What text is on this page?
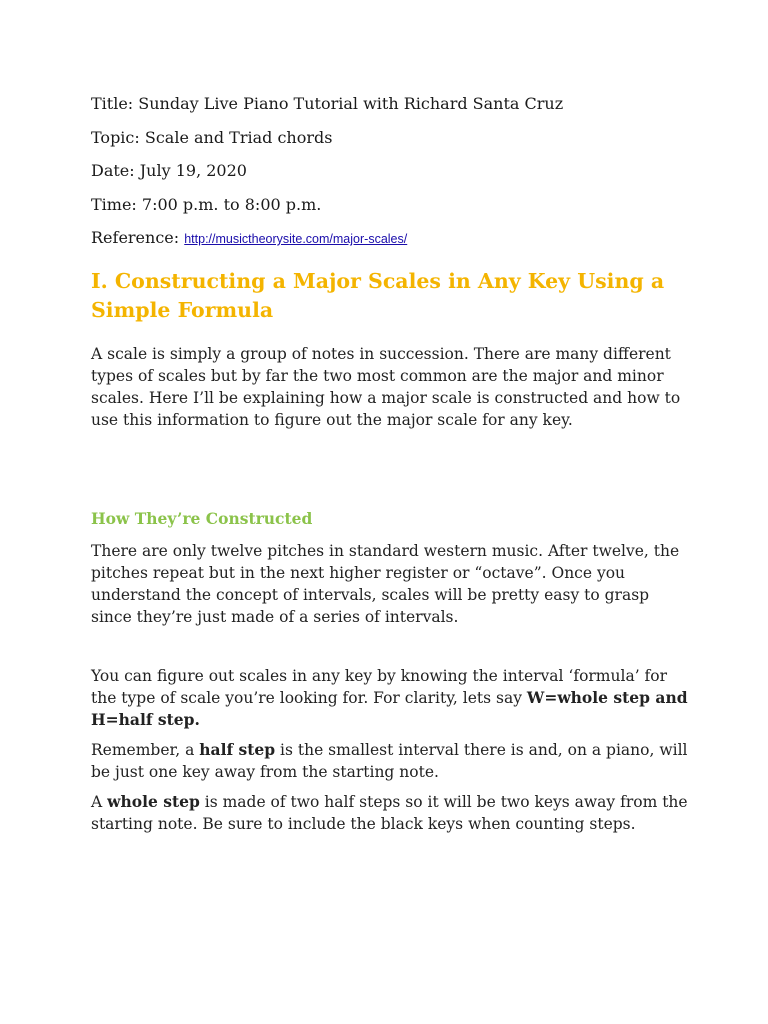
Title: Sunday Live Piano Tutorial with Richard Santa Cruz
Topic: Scale and Triad chords
Date: July 19, 2020
Time: 7:00 p.m. to 8:00 p.m.
Reference: http://musictheorysite.com/major-scales/
I. Constructing a Major Scales in Any Key Using a Simple Formula

A scale is simply a group of notes in succession. There are many different types of scales but by far the two most common are the major and minor scales. Here I’ll be explaining how a major scale is constructed and how to use this information to figure out the major scale for any key.

How They’re Constructed

There are only twelve pitches in standard western music. After twelve, the pitches repeat but in the next higher register or “octave”. Once you understand the concept of intervals, scales will be pretty easy to grasp since they’re just made of a series of intervals.

You can figure out scales in any key by knowing the interval ‘formula’ for the type of scale you’re looking for. For clarity, lets say W=whole step and H=half step.

Remember, a half step is the smallest interval there is and, on a piano, will be just one key away from the starting note.

A whole step is made of two half steps so it will be two keys away from the starting note. Be sure to include the black keys when counting steps.
